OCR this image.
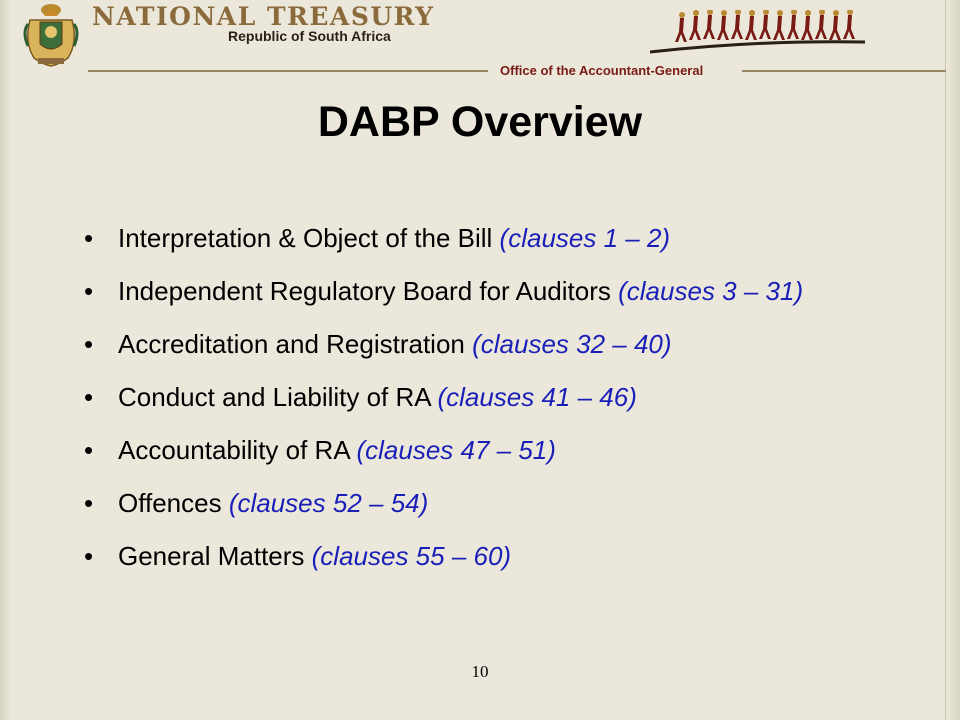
NATIONAL TREASURY
Republic of South Africa
Office of the Accountant-General
DABP Overview
• Interpretation & Object of the Bill (clauses 1 – 2)
• Independent Regulatory Board for Auditors (clauses 3 – 31)
• Accreditation and Registration (clauses 32 – 40)
• Conduct and Liability of RA (clauses 41 – 46)
• Accountability of RA (clauses 47 – 51)
• Offences (clauses 52 – 54)
• General Matters (clauses 55 – 60)
10
